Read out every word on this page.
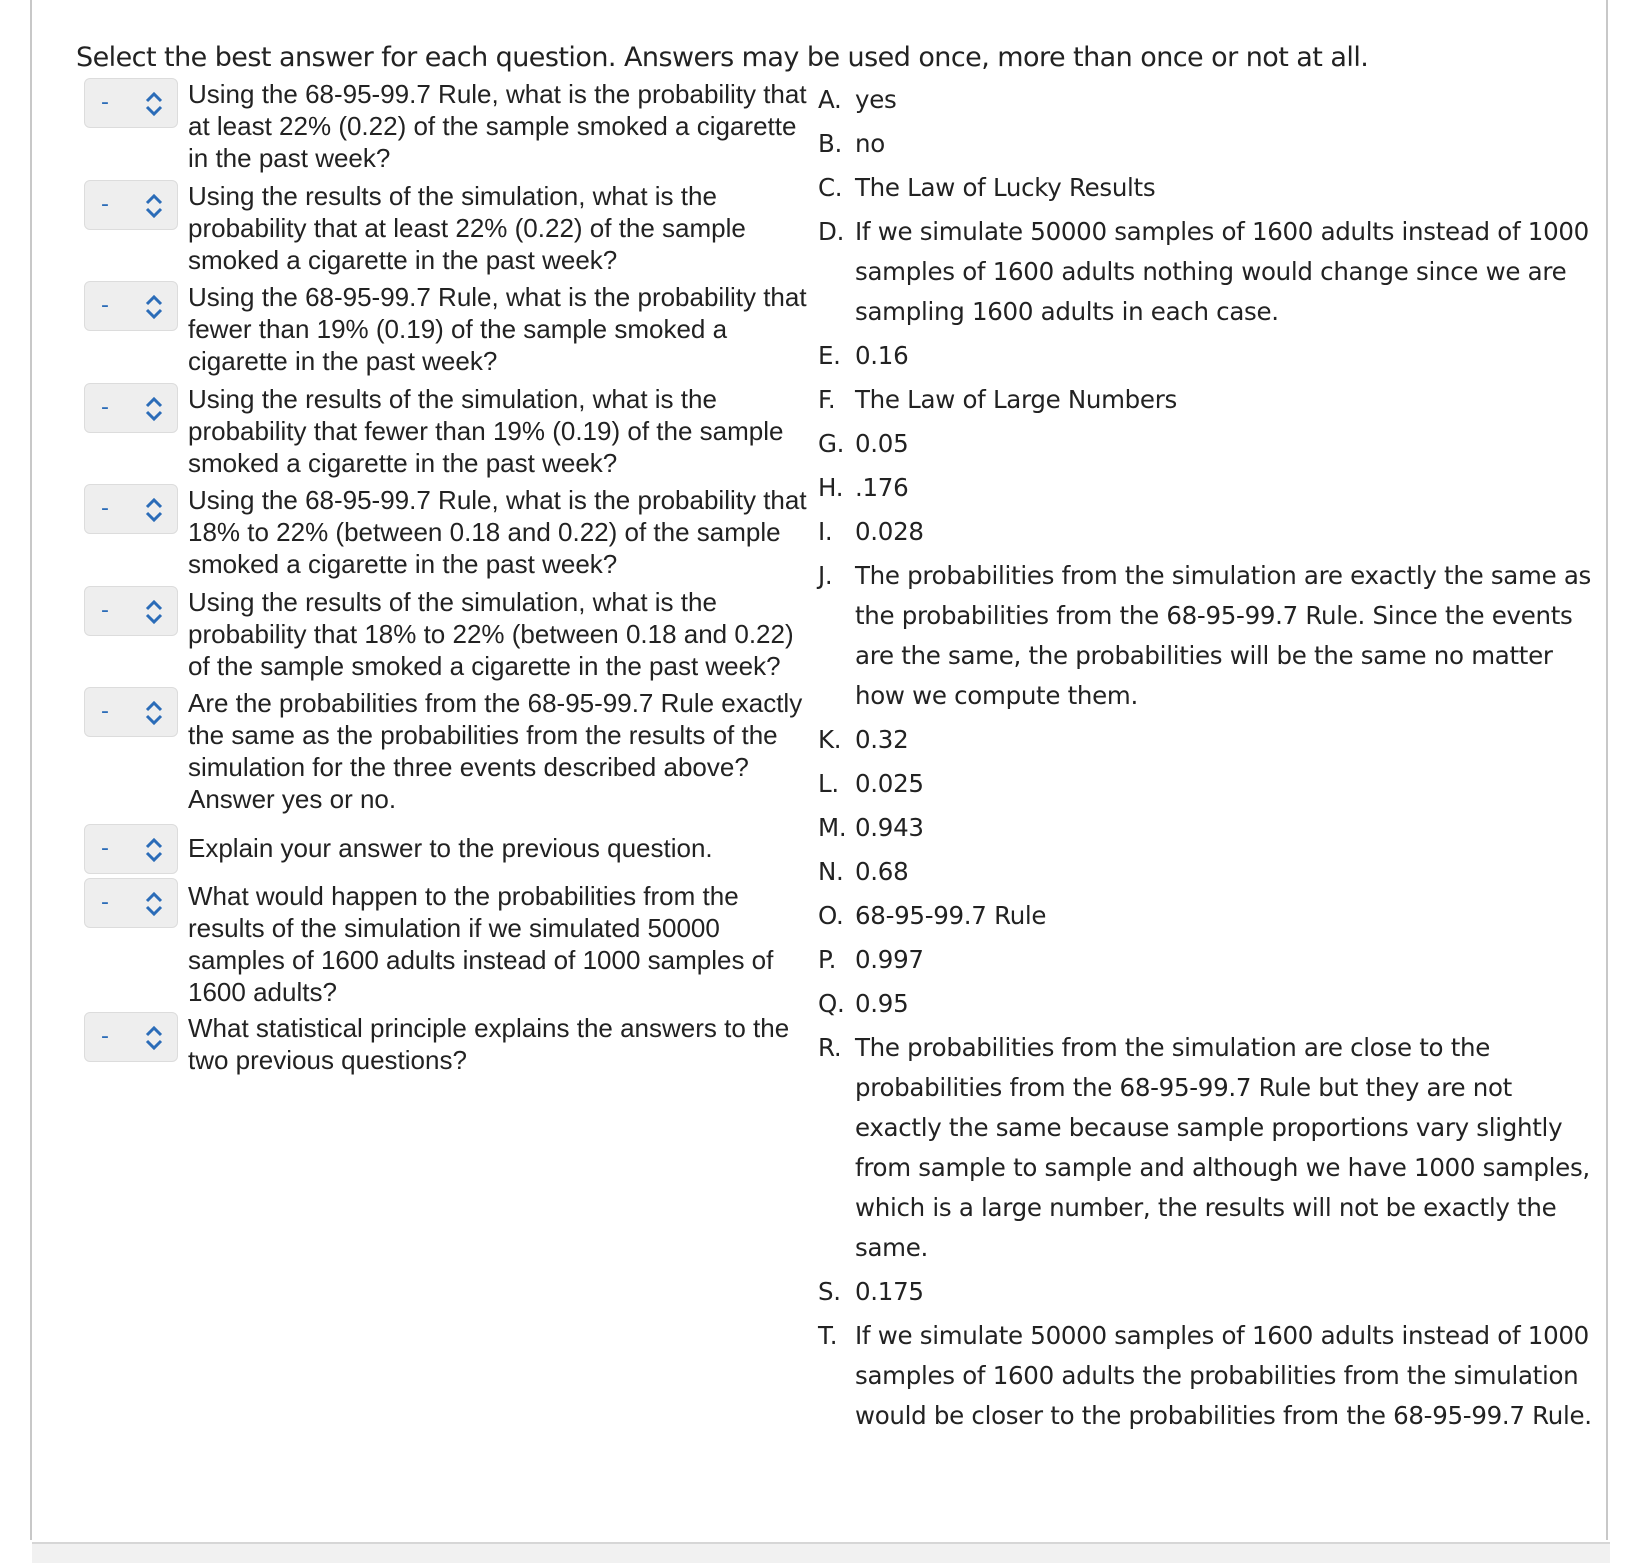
Select the best answer for each question. Answers may be used once, more than once or not at all.
-	Using the 68-95-99.7 Rule, what is the probability that at least 22% (0.22) of the sample smoked a cigarette in the past week?
-	Using the results of the simulation, what is the probability that at least 22% (0.22) of the sample smoked a cigarette in the past week?
-	Using the 68-95-99.7 Rule, what is the probability that fewer than 19% (0.19) of the sample smoked a cigarette in the past week?
-	Using the results of the simulation, what is the probability that fewer than 19% (0.19) of the sample smoked a cigarette in the past week?
-	Using the 68-95-99.7 Rule, what is the probability that 18% to 22% (between 0.18 and 0.22) of the sample smoked a cigarette in the past week?
-	Using the results of the simulation, what is the probability that 18% to 22% (between 0.18 and 0.22) of the sample smoked a cigarette in the past week?
-	Are the probabilities from the 68-95-99.7 Rule exactly the same as the probabilities from the results of the simulation for the three events described above? Answer yes or no.
-	Explain your answer to the previous question.
-	What would happen to the probabilities from the results of the simulation if we simulated 50000 samples of 1600 adults instead of 1000 samples of 1600 adults?
-	What statistical principle explains the answers to the two previous questions?
A. yes
B. no
C. The Law of Lucky Results
D. If we simulate 50000 samples of 1600 adults instead of 1000 samples of 1600 adults nothing would change since we are sampling 1600 adults in each case.
E. 0.16
F. The Law of Large Numbers
G. 0.05
H. .176
I. 0.028
J. The probabilities from the simulation are exactly the same as the probabilities from the 68-95-99.7 Rule. Since the events are the same, the probabilities will be the same no matter how we compute them.
K. 0.32
L. 0.025
M. 0.943
N. 0.68
O. 68-95-99.7 Rule
P. 0.997
Q. 0.95
R. The probabilities from the simulation are close to the probabilities from the 68-95-99.7 Rule but they are not exactly the same because sample proportions vary slightly from sample to sample and although we have 1000 samples, which is a large number, the results will not be exactly the same.
S. 0.175
T. If we simulate 50000 samples of 1600 adults instead of 1000 samples of 1600 adults the probabilities from the simulation would be closer to the probabilities from the 68-95-99.7 Rule.
